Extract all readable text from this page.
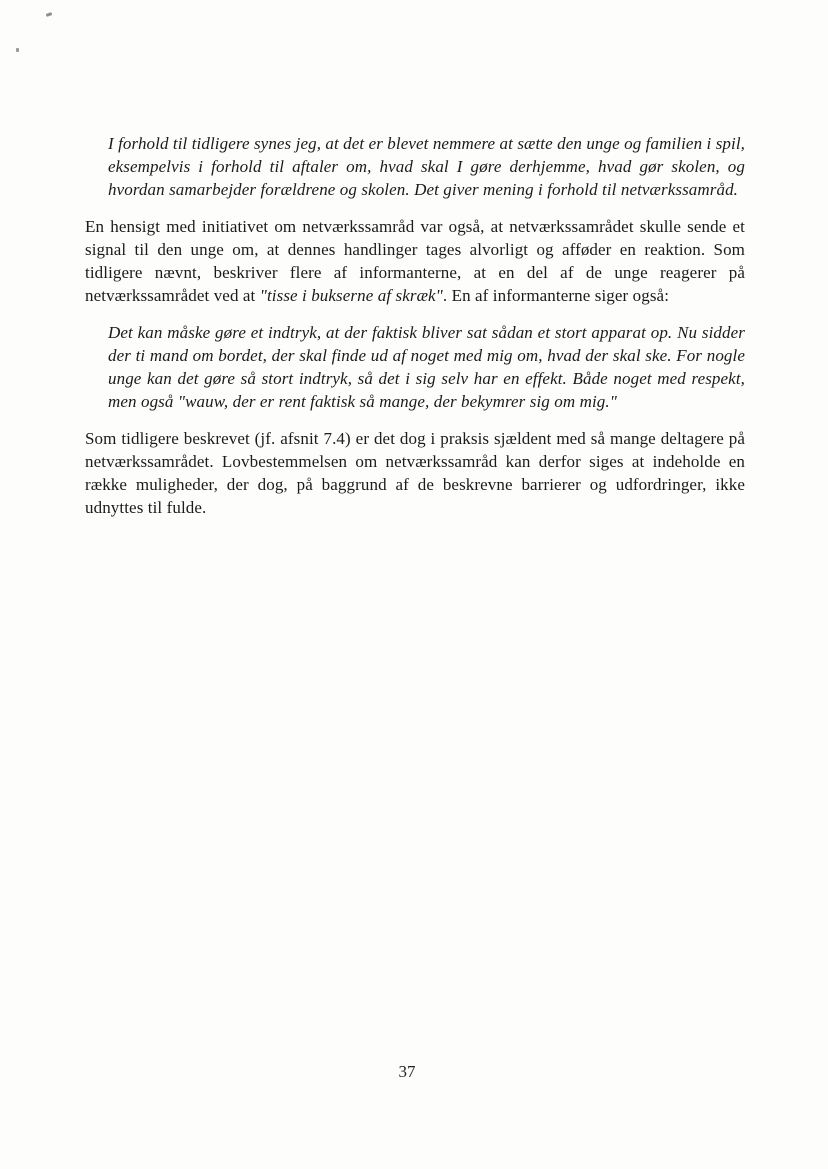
I forhold til tidligere synes jeg, at det er blevet nemmere at sætte den unge og familien i spil, eksempelvis i forhold til aftaler om, hvad skal I gøre derhjemme, hvad gør skolen, og hvordan samarbejder forældrene og skolen. Det giver mening i forhold til netværkssamråd.

En hensigt med initiativet om netværkssamråd var også, at netværkssamrådet skulle sende et signal til den unge om, at dennes handlinger tages alvorligt og afføder en reaktion. Som tidligere nævnt, beskriver flere af informanterne, at en del af de unge reagerer på netværkssamrådet ved at "tisse i bukserne af skræk". En af informanterne siger også:

Det kan måske gøre et indtryk, at der faktisk bliver sat sådan et stort apparat op. Nu sidder der ti mand om bordet, der skal finde ud af noget med mig om, hvad der skal ske. For nogle unge kan det gøre så stort indtryk, så det i sig selv har en effekt. Både noget med respekt, men også "wauw, der er rent faktisk så mange, der bekymrer sig om mig."

Som tidligere beskrevet (jf. afsnit 7.4) er det dog i praksis sjældent med så mange deltagere på netværkssamrådet. Lovbestemmelsen om netværkssamråd kan derfor siges at indeholde en række muligheder, der dog, på baggrund af de beskrevne barrierer og udfordringer, ikke udnyttes til fulde.

37
